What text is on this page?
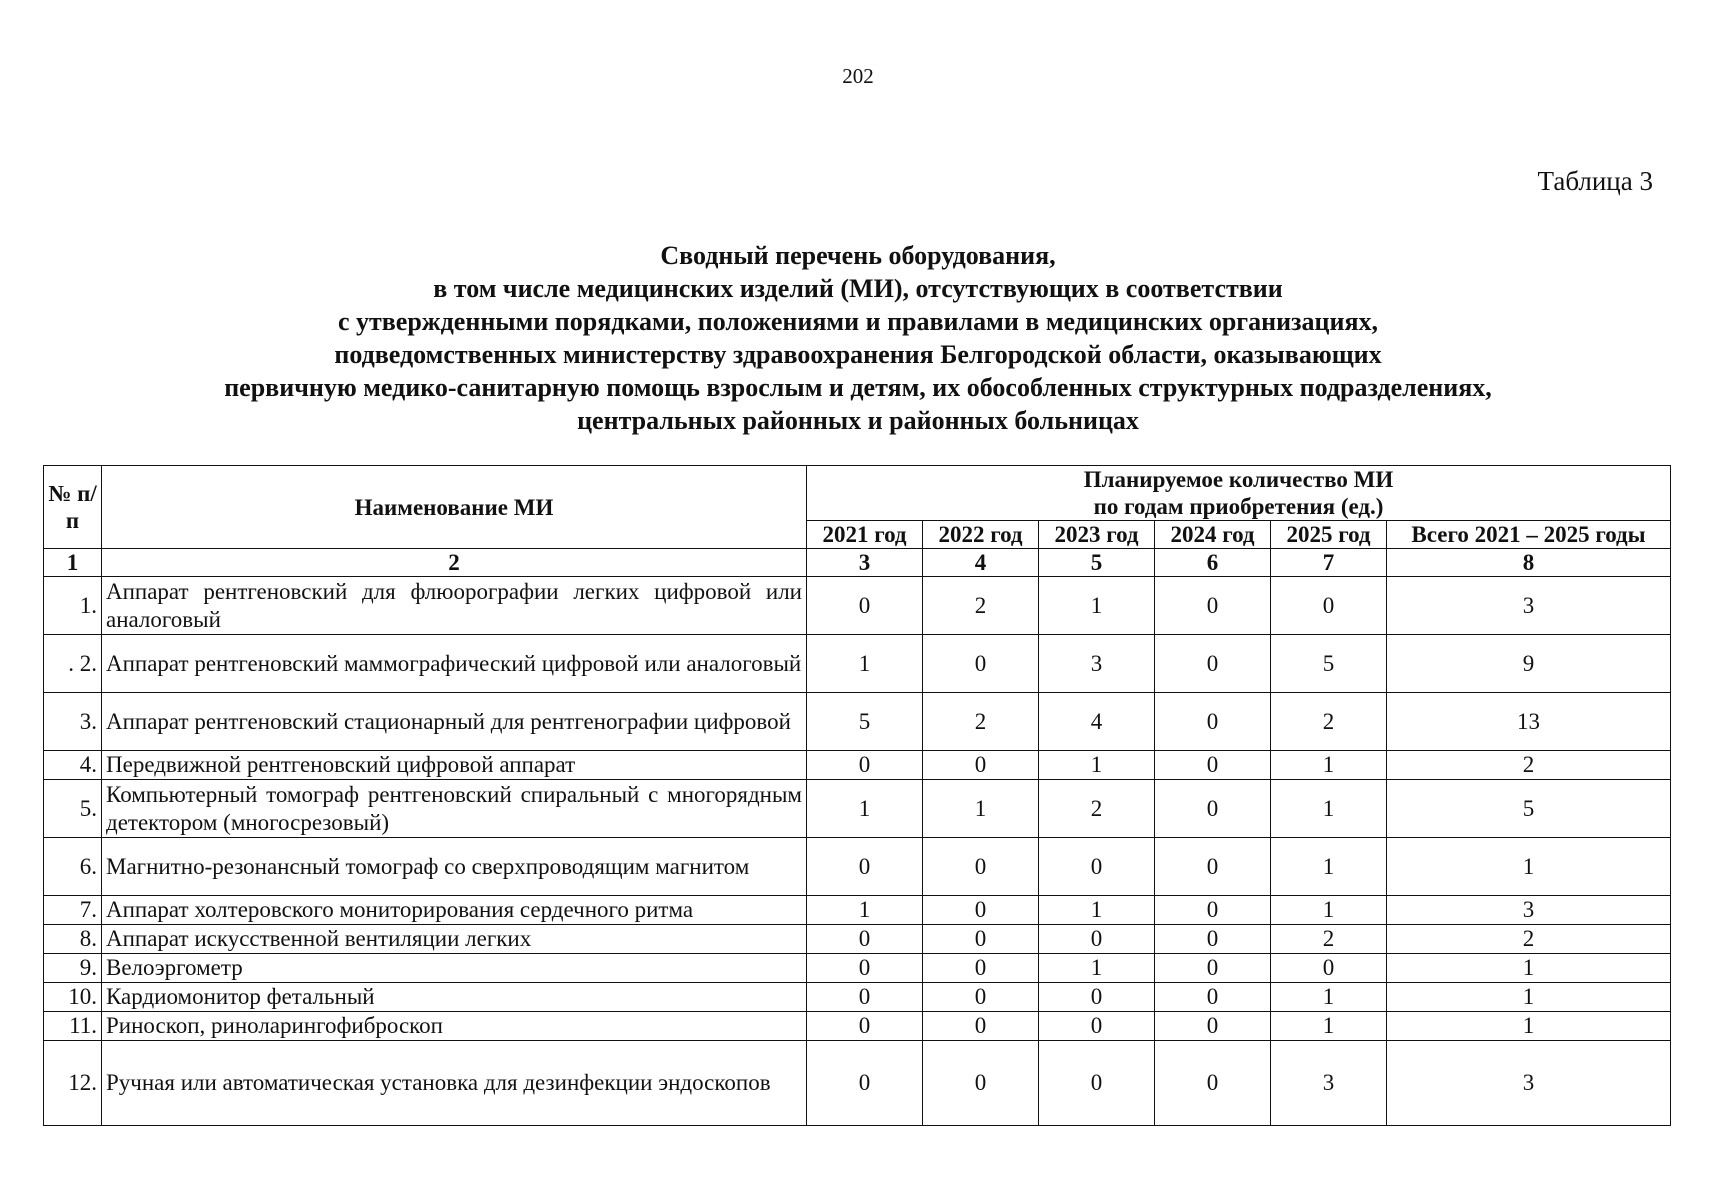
202
Таблица 3
Сводный перечень оборудования,
в том числе медицинских изделий (МИ), отсутствующих в соответствии
с утвержденными порядками, положениями и правилами в медицинских организациях,
подведомственных министерству здравоохранения Белгородской области, оказывающих
первичную медико-санитарную помощь взрослым и детям, их обособленных структурных подразделениях,
центральных районных и районных больницах
№ п/п	Наименование МИ	Планируемое количество МИ
по годам приобретения (ед.)					

		2021 год	2022 год	2023 год	2024 год	2025 год	Всего 2021 – 2025 годы
1	2	3	4	5	6	7	8
1.	Аппарат рентгеновский для флюорографии легких цифровой или аналоговый	0	2	1	0	0	3
. 2.	Аппарат рентгеновский маммографический цифровой или аналоговый	1	0	3	0	5	9
3.	Аппарат рентгеновский стационарный для рентгенографии цифровой	5	2	4	0	2	13
4.	Передвижной рентгеновский цифровой аппарат	0	0	1	0	1	2
5.	Компьютерный томограф рентгеновский спиральный с многорядным детектором (многосрезовый)	1	1	2	0	1	5
6.	Магнитно-резонансный томограф со сверхпроводящим магнитом	0	0	0	0	1	1
7.	Аппарат холтеровского мониторирования сердечного ритма	1	0	1	0	1	3
8.	Аппарат искусственной вентиляции легких	0	0	0	0	2	2
9.	Велоэргометр	0	0	1	0	0	1
10.	Кардиомонитор фетальный	0	0	0	0	1	1
11.	Риноскоп, риноларингофиброскоп	0	0	0	0	1	1
12.	Ручная или автоматическая установка для дезинфекции эндоскопов	0	0	0	0	3	3
